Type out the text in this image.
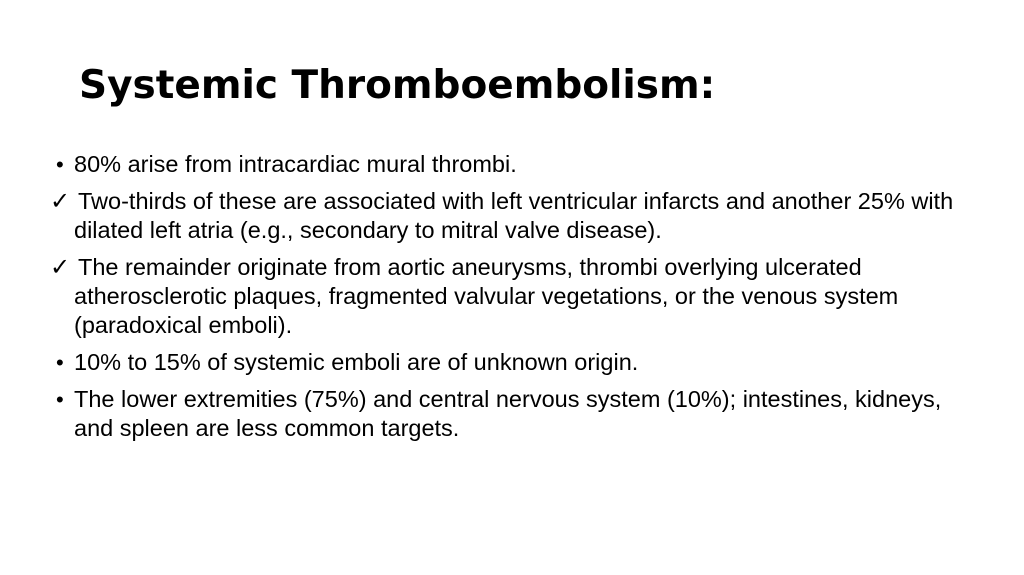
Systemic Thromboembolism:
• 80% arise from intracardiac mural thrombi.
✓ Two-thirds of these are associated with left ventricular infarcts and another 25% with dilated left atria (e.g., secondary to mitral valve disease).
✓ The remainder originate from aortic aneurysms, thrombi overlying ulcerated atherosclerotic plaques, fragmented valvular vegetations, or the venous system (paradoxical emboli).
• 10% to 15% of systemic emboli are of unknown origin.
• The lower extremities (75%) and central nervous system (10%); intestines, kidneys, and spleen are less common targets.
